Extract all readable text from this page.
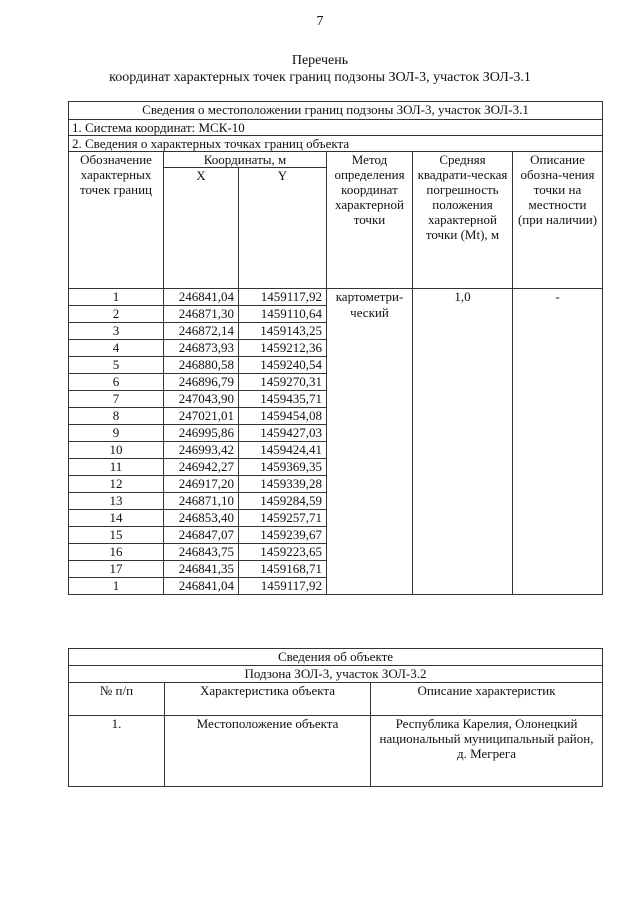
7
Перечень
координат характерных точек границ подзоны ЗОЛ-3, участок ЗОЛ-3.1
Сведения о местоположении границ подзоны ЗОЛ-3, участок ЗОЛ-3.1					
1. Система координат: МСК-10					
2. Сведения о характерных точках границ объекта					
Обозначение характерных точек границ	Координаты, м		Метод определения координат характерной точки	Средняя квадрати-ческая погрешность положения характерной точки (Mt), м	Описание обозна-чения точки на местности (при наличии)
	X	Y			
1	246841,04	1459117,92	картометри-ческий	1,0	-
2	246871,30	1459110,64			
3	246872,14	1459143,25			
4	246873,93	1459212,36			
5	246880,58	1459240,54			
6	246896,79	1459270,31			
7	247043,90	1459435,71			
8	247021,01	1459454,08			
9	246995,86	1459427,03			
10	246993,42	1459424,41			
11	246942,27	1459369,35			
12	246917,20	1459339,28			
13	246871,10	1459284,59			
14	246853,40	1459257,71			
15	246847,07	1459239,67			
16	246843,75	1459223,65			
17	246841,35	1459168,71			
1	246841,04	1459117,92			
Сведения об объекте		
Подзона ЗОЛ-3, участок ЗОЛ-3.2		
№ п/п	Характеристика объекта	Описание характеристик
1.	Местоположение объекта	Республика Карелия, Олонецкий национальный муниципальный район, д. Мегрега
